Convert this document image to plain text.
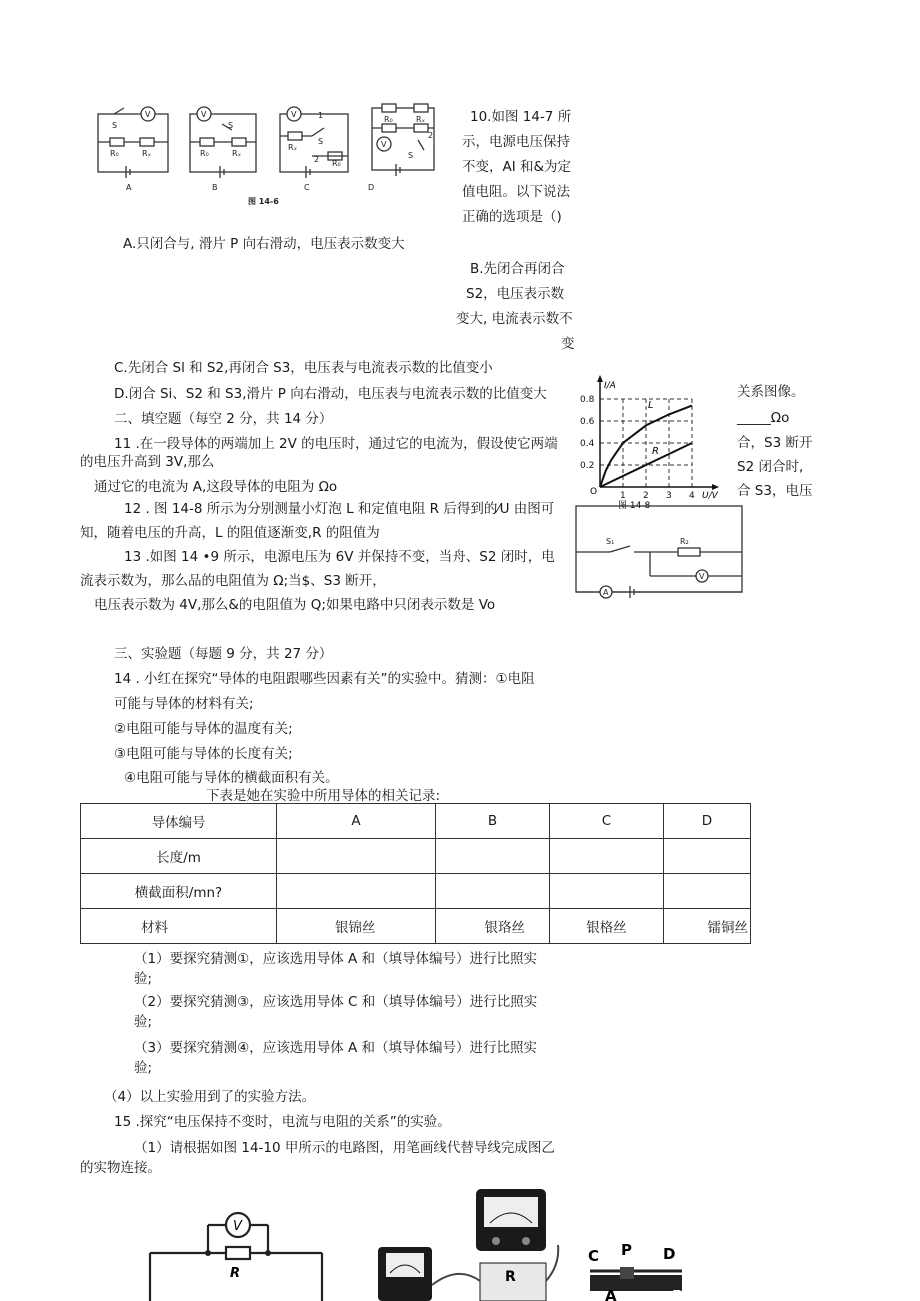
V	V	V
V
S	S
S
S
R₀	Rₓ	R₀	Rₓ
Rₓ
R₀
1
2
R₀	Rₓ
2
A	B	C	D
图 14-6
10.如图 14-7 所
示，电源电压保持
不变，AI 和&为定
值电阻。以下说法
正确的选项是（)
A.只闭合与, 滑片 P 向右滑动，电压表示数变大
B.先闭合再闭合
S2，电压表示数
变大, 电流表示数不
变
C.先闭合 Sl 和 S2,再闭合 S3，电压表与电流表示数的比值变小
D.闭合 Si、S2 和 S3,滑片 P 向右滑动，电压表与电流表示数的比值变大	关系图像。
_____Ωo
合，S3 断开
S2 闭合时,
合 S3，电压
二、填空题（每空 2 分，共 14 分）
11 .在一段导体的两端加上 2V 的电压时，通过它的电流为，假设使它两端
的电压升高到 3V,那么
通过它的电流为 A,这段导体的电阻为 Ωo
12 . 图 14-8 所示为分别测量小灯泡 L 和定值电阻 R 后得到的⁄U 由图可
知，随着电压的升高，L 的阻值逐渐变,R 的阻值为
13 .如图 14 •9 所示，电源电压为 6V 并保持不变，当舟、S2 闭时，电
流表示数为，那么品的电阻值为 Ω;当$、S3 断开，
电压表示数为 4V,那么&的电阻值为 Q;如果电路中只闭表示数是 Vo
0.8
0.6
0.4
0.2
1 2 3 4
I/A
U/V
O
L
R
图 14-8
S₁	R₂
A
V
三、实验题（每题 9 分，共 27 分）
14 . 小红在探究“导体的电阻跟哪些因素有关”的实验中。猜测：①电阻
可能与导体的材料有关;
②电阻可能与导体的温度有关;
③电阻可能与导体的长度有关;
④电阻可能与导体的横截面积有关。
下表是她在实验中所用导体的相关记录:
导体编号	A	B	C	D
长度/m				
横截面积/mn?				
材料	银锦丝	银珞丝	银格丝	镭铜丝
（1）要探究猜测①，应该选用导体 A 和（填导体编号）进行比照实
验;
（2）要探究猜测③，应该选用导体 C 和（填导体编号）进行比照实
验;
（3）要探究猜测④，应该选用导体 A 和（填导体编号）进行比照实
验;
（4）以上实验用到了的实验方法。
15 .探究“电压保持不变时，电流与电阻的关系”的实验。
（1）请根据如图 14-10 甲所示的电路图，用笔画线代替导线完成图乙
的实物连接。
V
R	R
C P D
A	B
